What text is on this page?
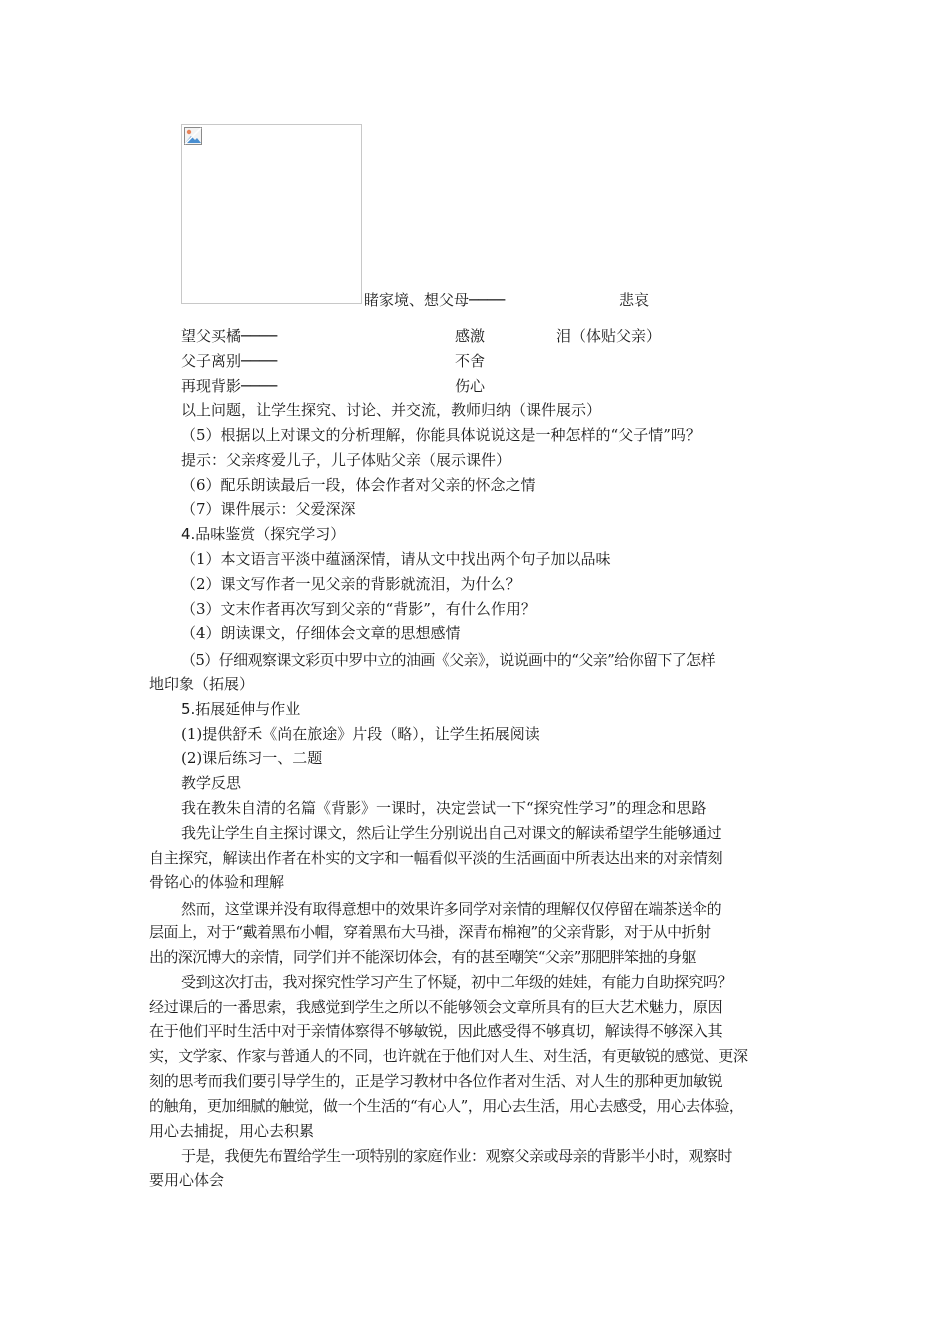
睹家境、想父母────	悲哀
望父买橘────	感激	泪（体贴父亲）
父子离别────	不舍
再现背影────	伤心
以上问题，让学生探究、讨论、并交流，教师归纳（课件展示）
（5）根据以上对课文的分析理解，你能具体说说这是一种怎样的“父子情”吗？
提示：父亲疼爱儿子，儿子体贴父亲（展示课件）
（6）配乐朗读最后一段，体会作者对父亲的怀念之情
（7）课件展示：父爱深深
4.品味鉴赏（探究学习）
（1）本文语言平淡中蕴涵深情，请从文中找出两个句子加以品味
（2）课文写作者一见父亲的背影就流泪，为什么？
（3）文末作者再次写到父亲的“背影”，有什么作用？
（4）朗读课文，仔细体会文章的思想感情
（5）仔细观察课文彩页中罗中立的油画《父亲》，说说画中的“父亲”给你留下了怎样
地印象（拓展）
5.拓展延伸与作业
(1)提供舒禾《尚在旅途》片段（略），让学生拓展阅读
(2)课后练习一、二题
教学反思
我在教朱自清的名篇《背影》一课时，决定尝试一下“探究性学习”的理念和思路
我先让学生自主探讨课文，然后让学生分别说出自己对课文的解读希望学生能够通过
自主探究，解读出作者在朴实的文字和一幅看似平淡的生活画面中所表达出来的对亲情刻
骨铭心的体验和理解
然而，这堂课并没有取得意想中的效果许多同学对亲情的理解仅仅停留在端茶送伞的
层面上，对于“戴着黑布小帽，穿着黑布大马褂，深青布棉袍”的父亲背影，对于从中折射
出的深沉博大的亲情，同学们并不能深切体会，有的甚至嘲笑“父亲”那肥胖笨拙的身躯
受到这次打击，我对探究性学习产生了怀疑，初中二年级的娃娃，有能力自助探究吗？
经过课后的一番思索，我感觉到学生之所以不能够领会文章所具有的巨大艺术魅力，原因
在于他们平时生活中对于亲情体察得不够敏锐，因此感受得不够真切，解读得不够深入其
实，文学家、作家与普通人的不同，也许就在于他们对人生、对生活，有更敏锐的感觉、更深
刻的思考而我们要引导学生的，正是学习教材中各位作者对生活、对人生的那种更加敏锐
的触角，更加细腻的触觉，做一个生活的“有心人”，用心去生活，用心去感受，用心去体验，
用心去捕捉，用心去积累
于是，我便先布置给学生一项特别的家庭作业：观察父亲或母亲的背影半小时，观察时
要用心体会
